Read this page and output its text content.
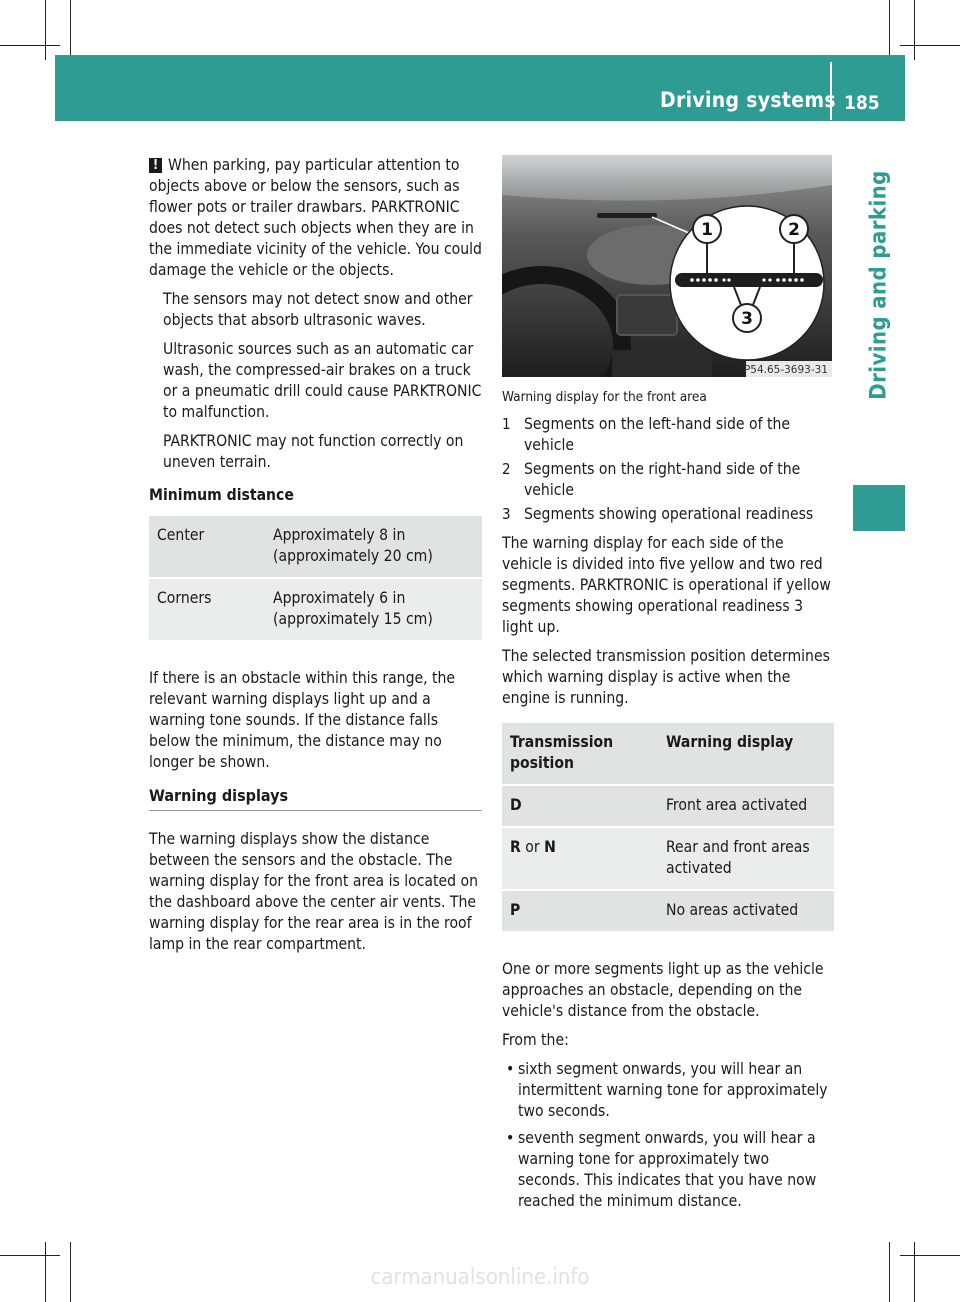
Driving systems 185
Driving and parking
! When parking, pay particular attention to objects above or below the sensors, such as flower pots or trailer drawbars. PARKTRONIC does not detect such objects when they are in the immediate vicinity of the vehicle. You could damage the vehicle or the objects.
The sensors may not detect snow and other objects that absorb ultrasonic waves.
Ultrasonic sources such as an automatic car wash, the compressed-air brakes on a truck or a pneumatic drill could cause PARKTRONIC to malfunction.
PARKTRONIC may not function correctly on uneven terrain.
Minimum distance
Center	Approximately 8 in (approximately 20 cm)
Corners	Approximately 6 in (approximately 15 cm)
If there is an obstacle within this range, the relevant warning displays light up and a warning tone sounds. If the distance falls below the minimum, the distance may no longer be shown.
Warning displays
The warning displays show the distance between the sensors and the obstacle. The warning display for the front area is located on the dashboard above the center air vents. The warning display for the rear area is in the roof lamp in the rear compartment.
1	2
3
P54.65-3693-31
Warning display for the front area
1 Segments on the left-hand side of the vehicle
2 Segments on the right-hand side of the vehicle
3 Segments showing operational readiness
The warning display for each side of the vehicle is divided into five yellow and two red segments. PARKTRONIC is operational if yellow segments showing operational readiness 3 light up.
The selected transmission position determines which warning display is active when the engine is running.
Transmission position	Warning display
D	Front area activated
R or N	Rear and front areas activated
P	No areas activated
One or more segments light up as the vehicle approaches an obstacle, depending on the vehicle's distance from the obstacle.
From the:
• sixth segment onwards, you will hear an intermittent warning tone for approximately two seconds.
• seventh segment onwards, you will hear a warning tone for approximately two seconds. This indicates that you have now reached the minimum distance.
carmanualsonline.info
